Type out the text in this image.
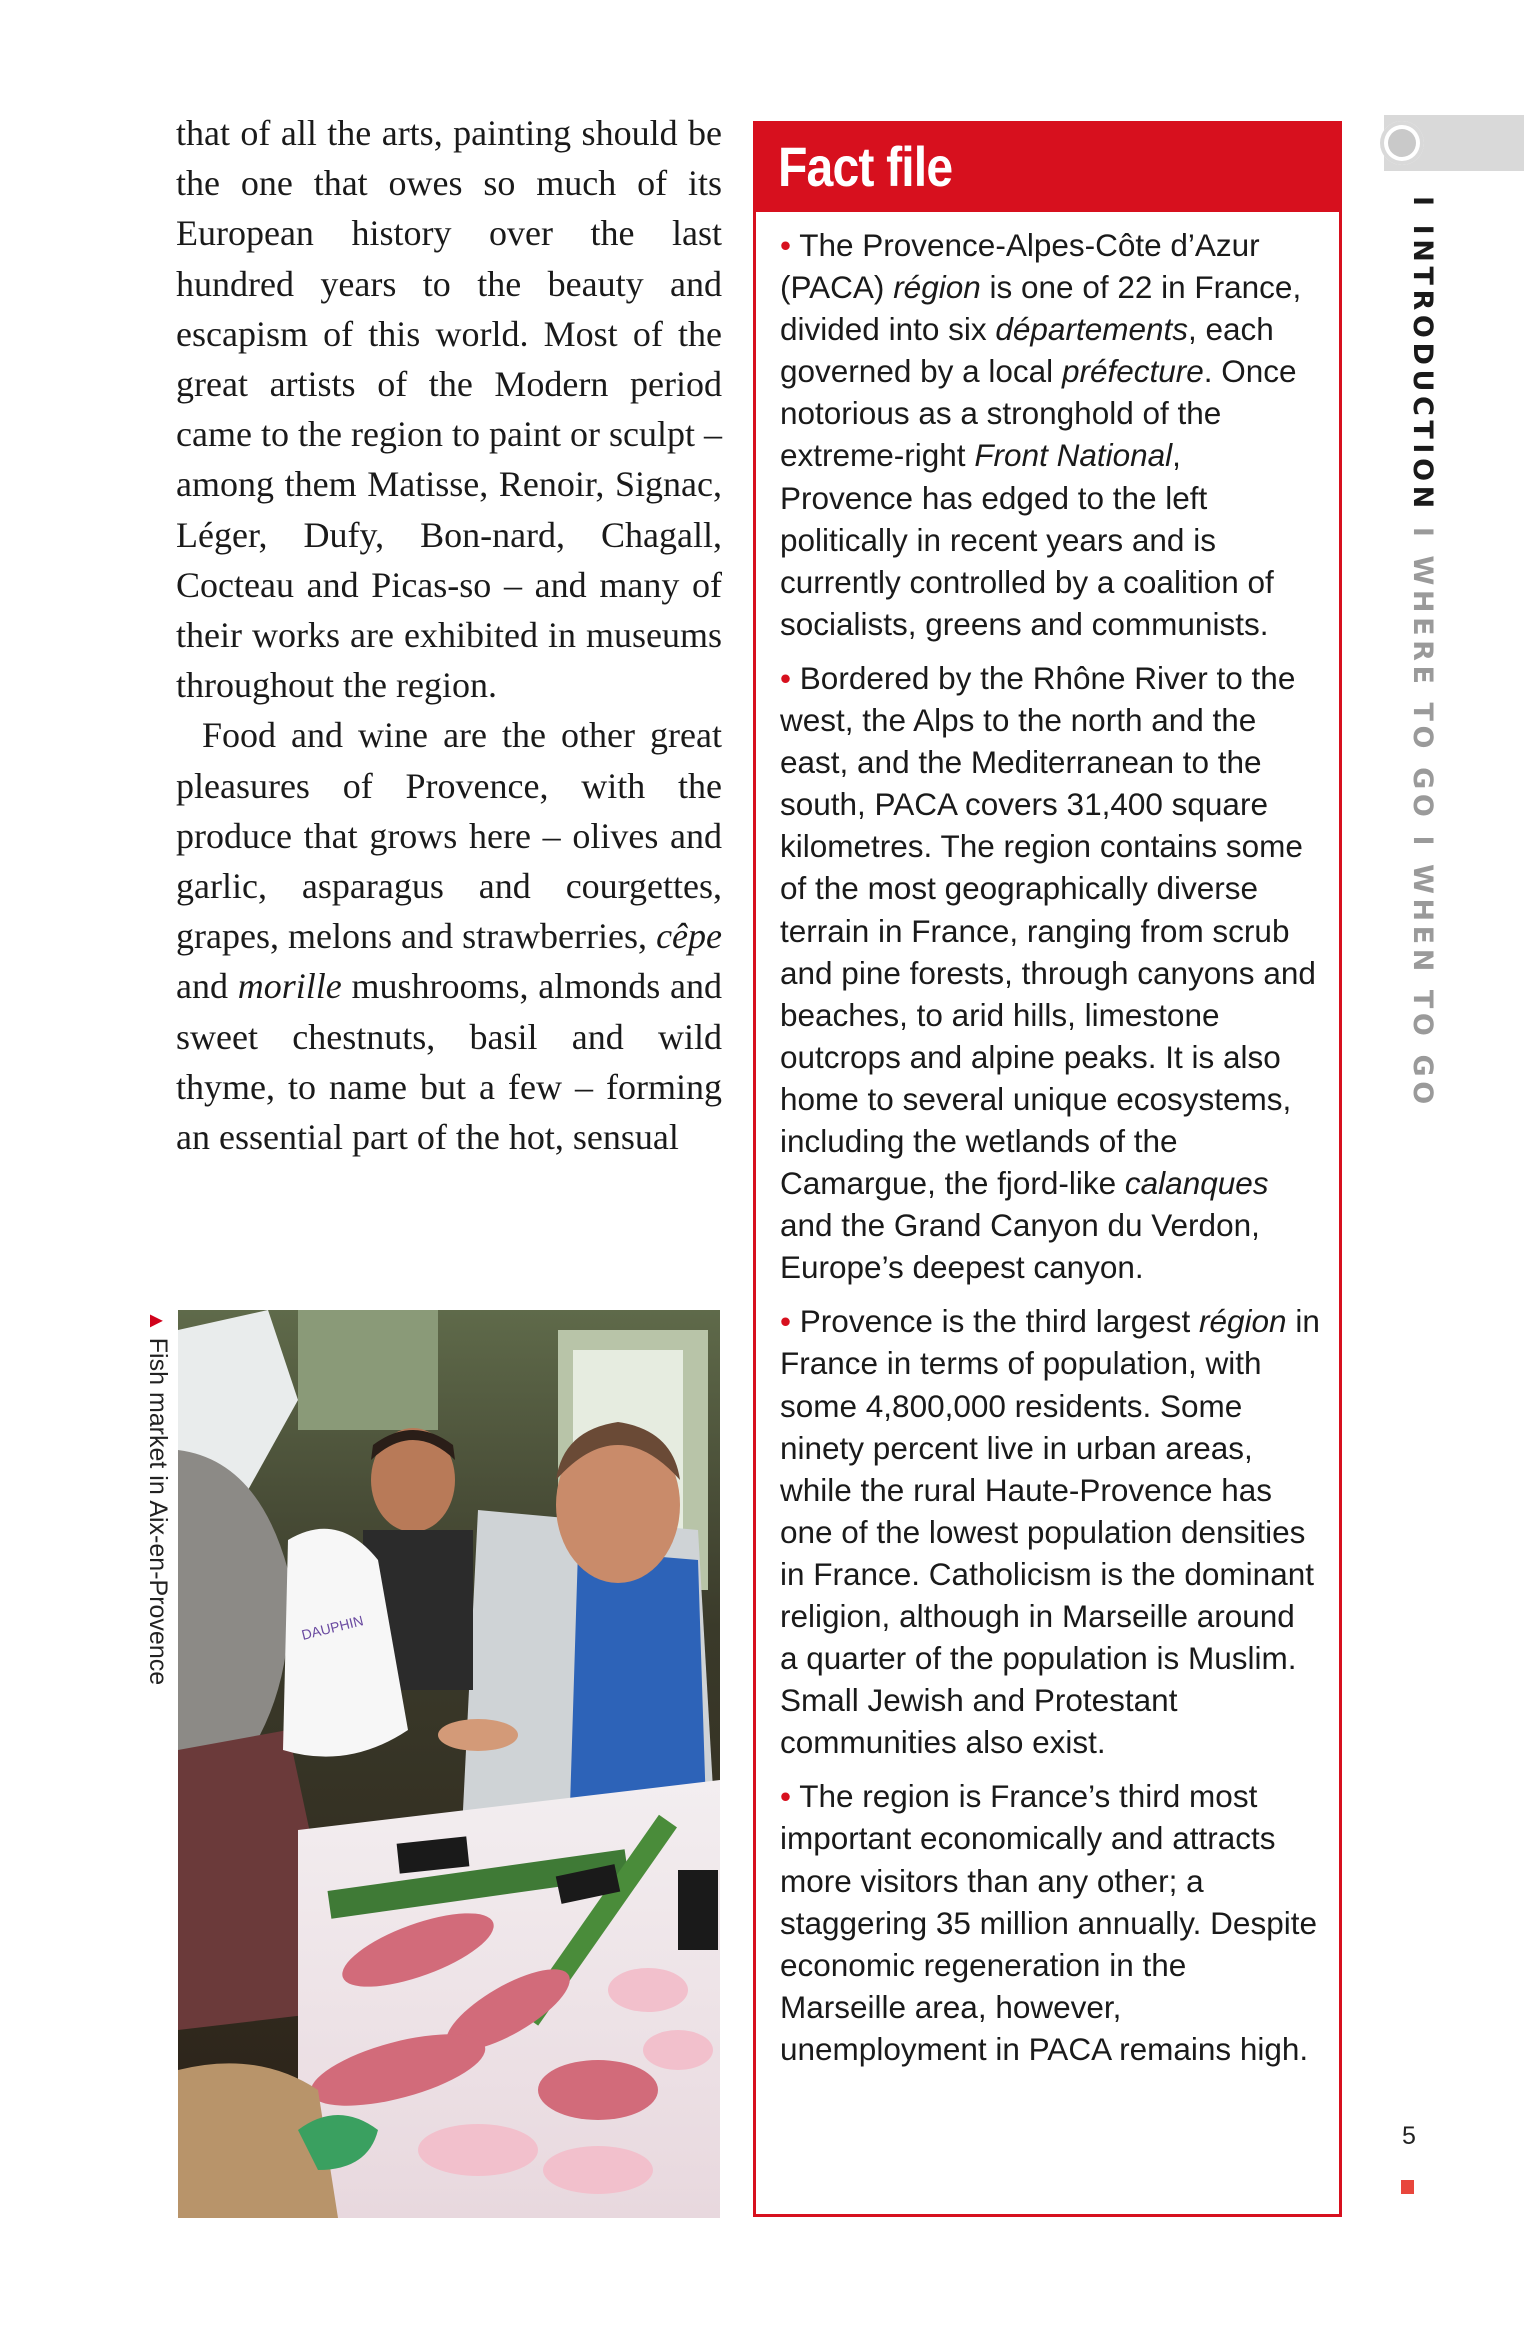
that of all the arts, painting should be the one that owes so much of its European history over the last hundred years to the beauty and escapism of this world. Most of the great artists of the Modern period came to the region to paint or sculpt – among them Matisse, Renoir, Signac, Léger, Dufy, Bon-nard, Chagall, Cocteau and Picas-so – and many of their works are exhibited in museums throughout the region.

Food and wine are the other great pleasures of Provence, with the produce that grows here – olives and garlic, asparagus and courgettes, grapes, melons and strawberries, cêpe and morille mushrooms, almonds and sweet chestnuts, basil and wild thyme, to name but a few – forming an essential part of the hot, sensual

▲Fish market in Aix-en-Provence	DAUPHIN
Fact file

• The Provence-Alpes-Côte d’Azur (PACA) région is one of 22 in France, divided into six départements, each governed by a local préfecture. Once notorious as a stronghold of the extreme-right Front National, Provence has edged to the left politically in recent years and is currently controlled by a coalition of socialists, greens and communists.

• Bordered by the Rhône River to the west, the Alps to the north and the east, and the Mediterranean to the south, PACA covers 31,400 square kilometres. The region contains some of the most geographically diverse terrain in France, ranging from scrub and pine forests, through canyons and beaches, to arid hills, limestone outcrops and alpine peaks. It is also home to several unique ecosystems, including the wetlands of the Camargue, the fjord-like calanques and the Grand Canyon du Verdon, Europe’s deepest canyon.

• Provence is the third largest région in France in terms of population, with some 4,800,000 residents. Some ninety percent live in urban areas, while the rural Haute-Provence has one of the lowest population densities in France. Catholicism is the dominant religion, although in Marseille around a quarter of the population is Muslim. Small Jewish and Protestant communities also exist.

• The region is France’s third most important economically and attracts more visitors than any other; a staggering 35 million annually. Despite economic regeneration in the Marseille area, however, unemployment in PACA remains high.

I INTRODUCTION I WHERE TO GO I WHEN TO GO
5
